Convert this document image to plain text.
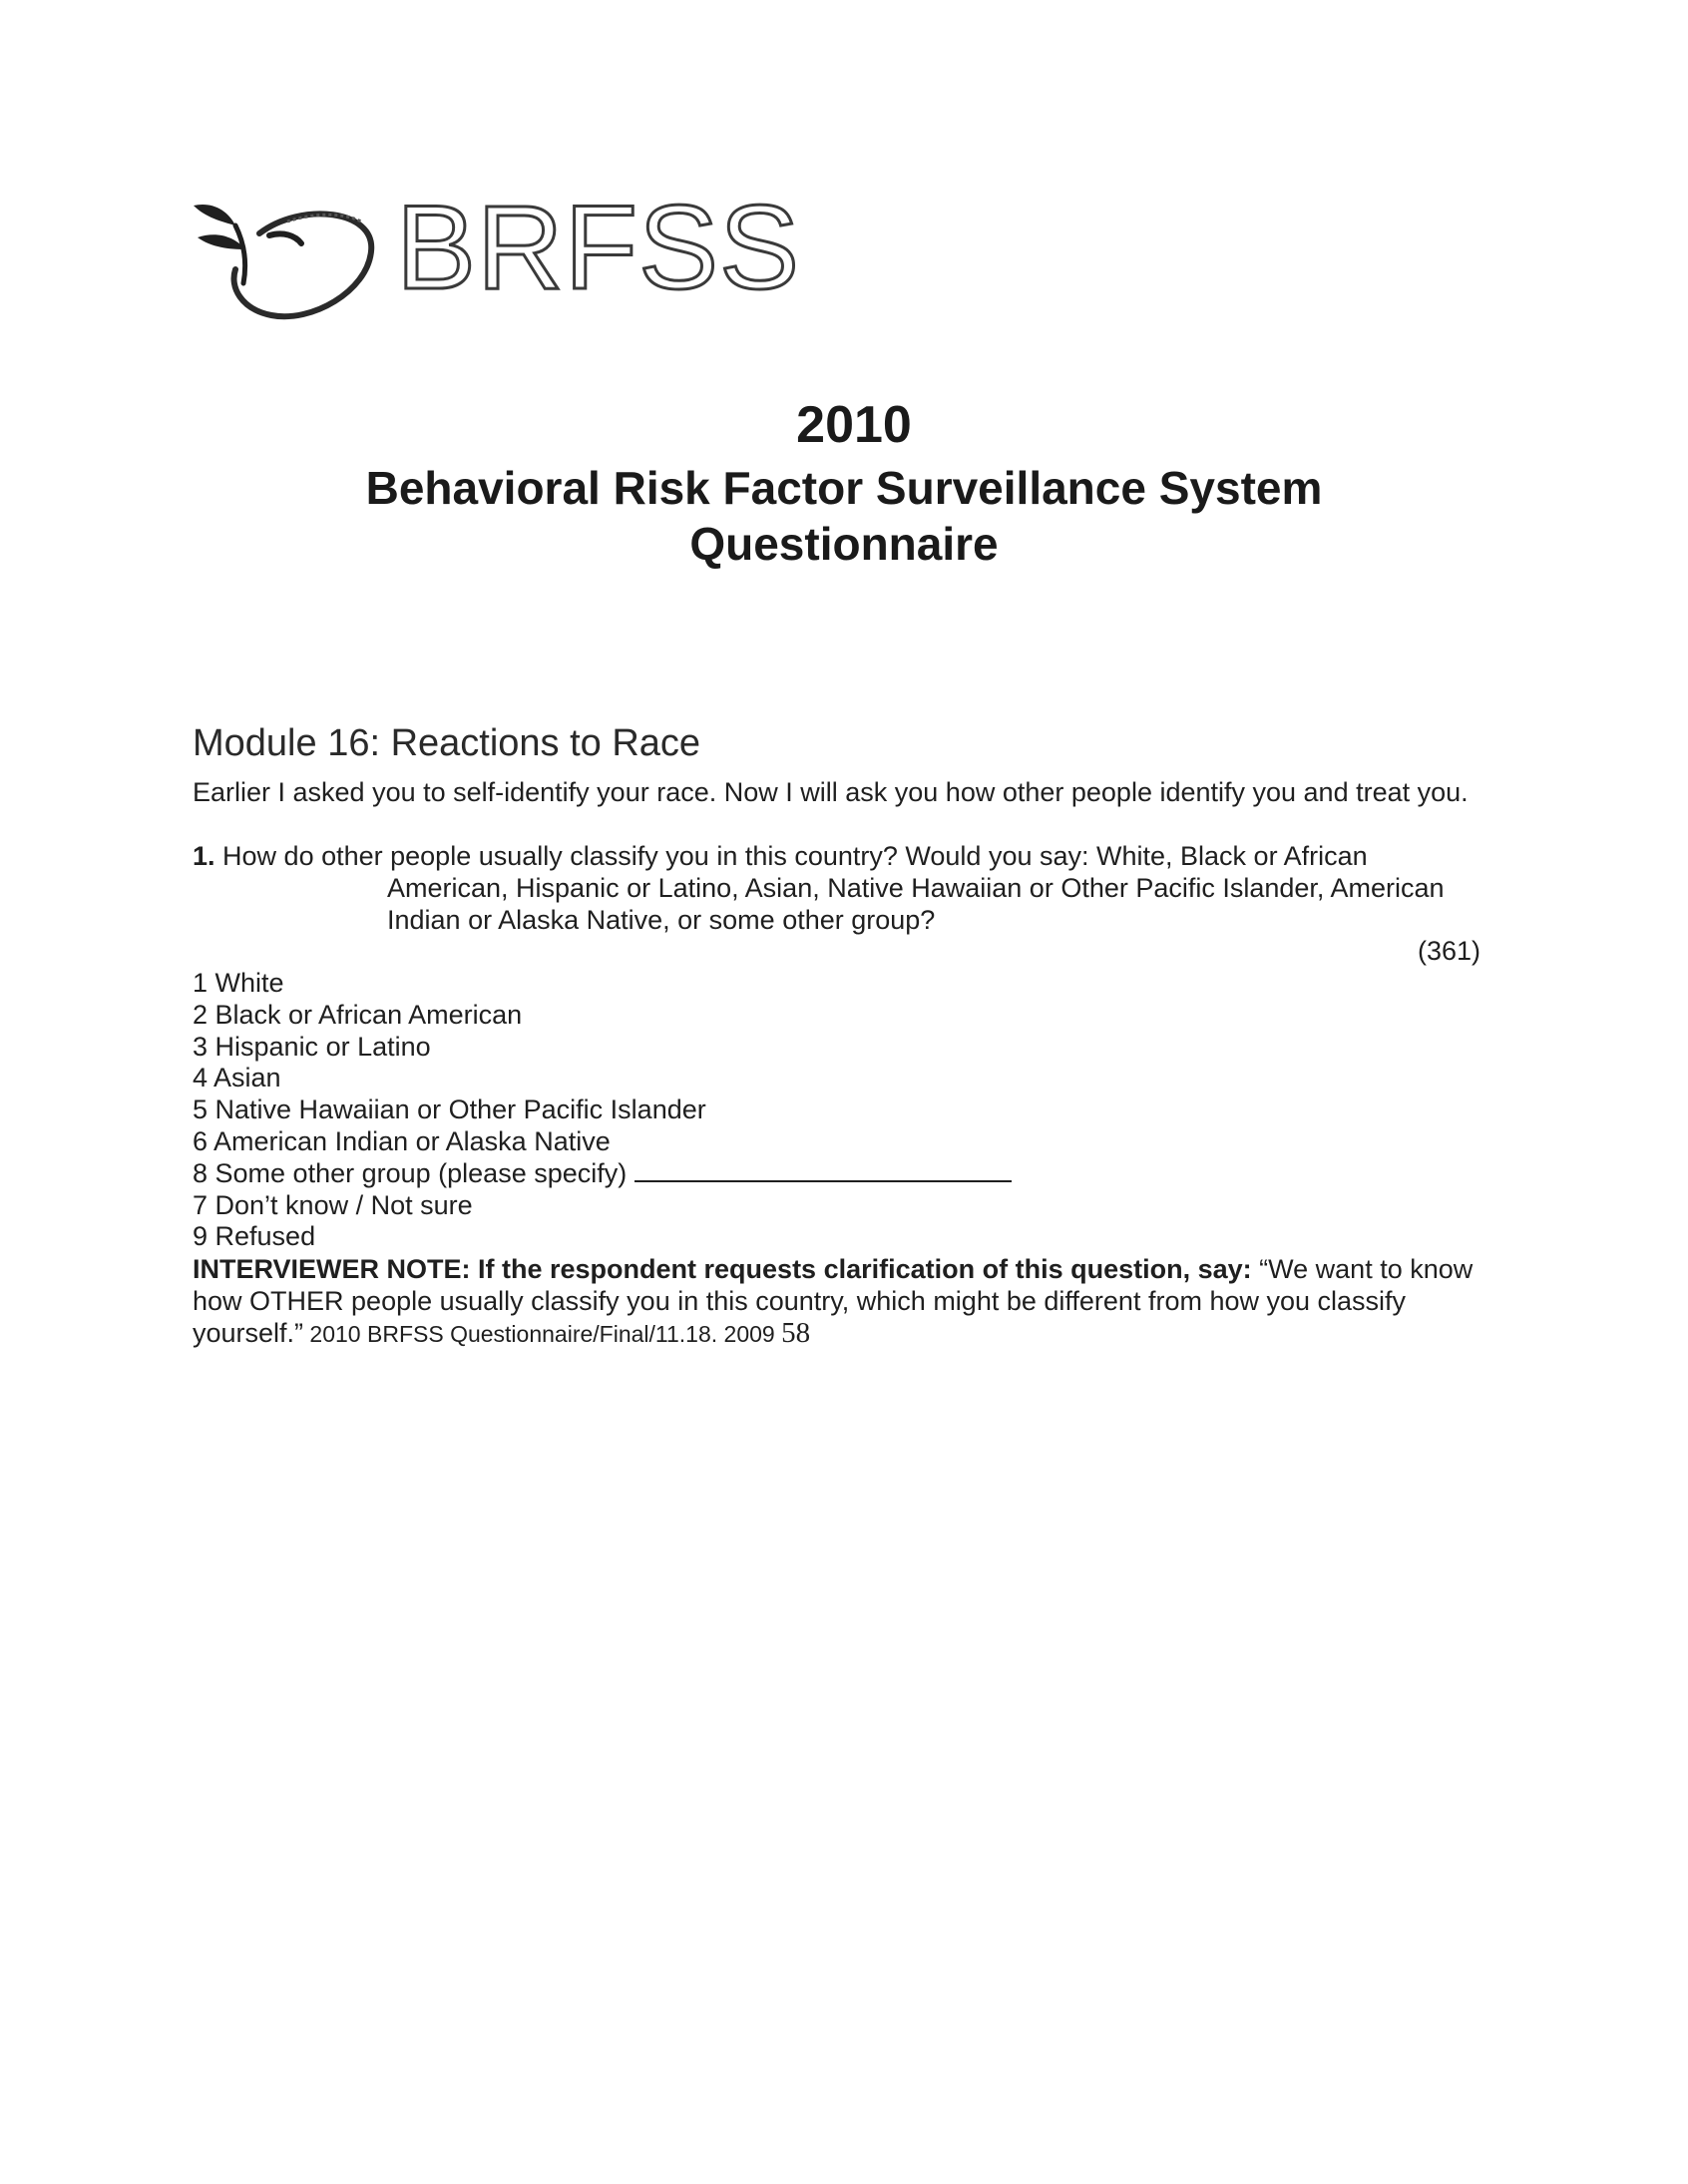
BRFSS
2010
Behavioral Risk Factor Surveillance System
Questionnaire
Module 16: Reactions to Race
Earlier I asked you to self-identify your race. Now I will ask you how other people identify you and treat you.
1. How do other people usually classify you in this country? Would you say: White, Black or African
American, Hispanic or Latino, Asian, Native Hawaiian or Other Pacific Islander, American Indian or Alaska Native, or some other group?
(361)
1 White
2 Black or African American
3 Hispanic or Latino
4 Asian
5 Native Hawaiian or Other Pacific Islander
6 American Indian or Alaska Native
8 Some other group (please specify)
7 Don’t know / Not sure
9 Refused
INTERVIEWER NOTE: If the respondent requests clarification of this question, say: “We want to know how OTHER people usually classify you in this country, which might be different from how you classify yourself.” 2010 BRFSS Questionnaire/Final/11.18. 2009 58
